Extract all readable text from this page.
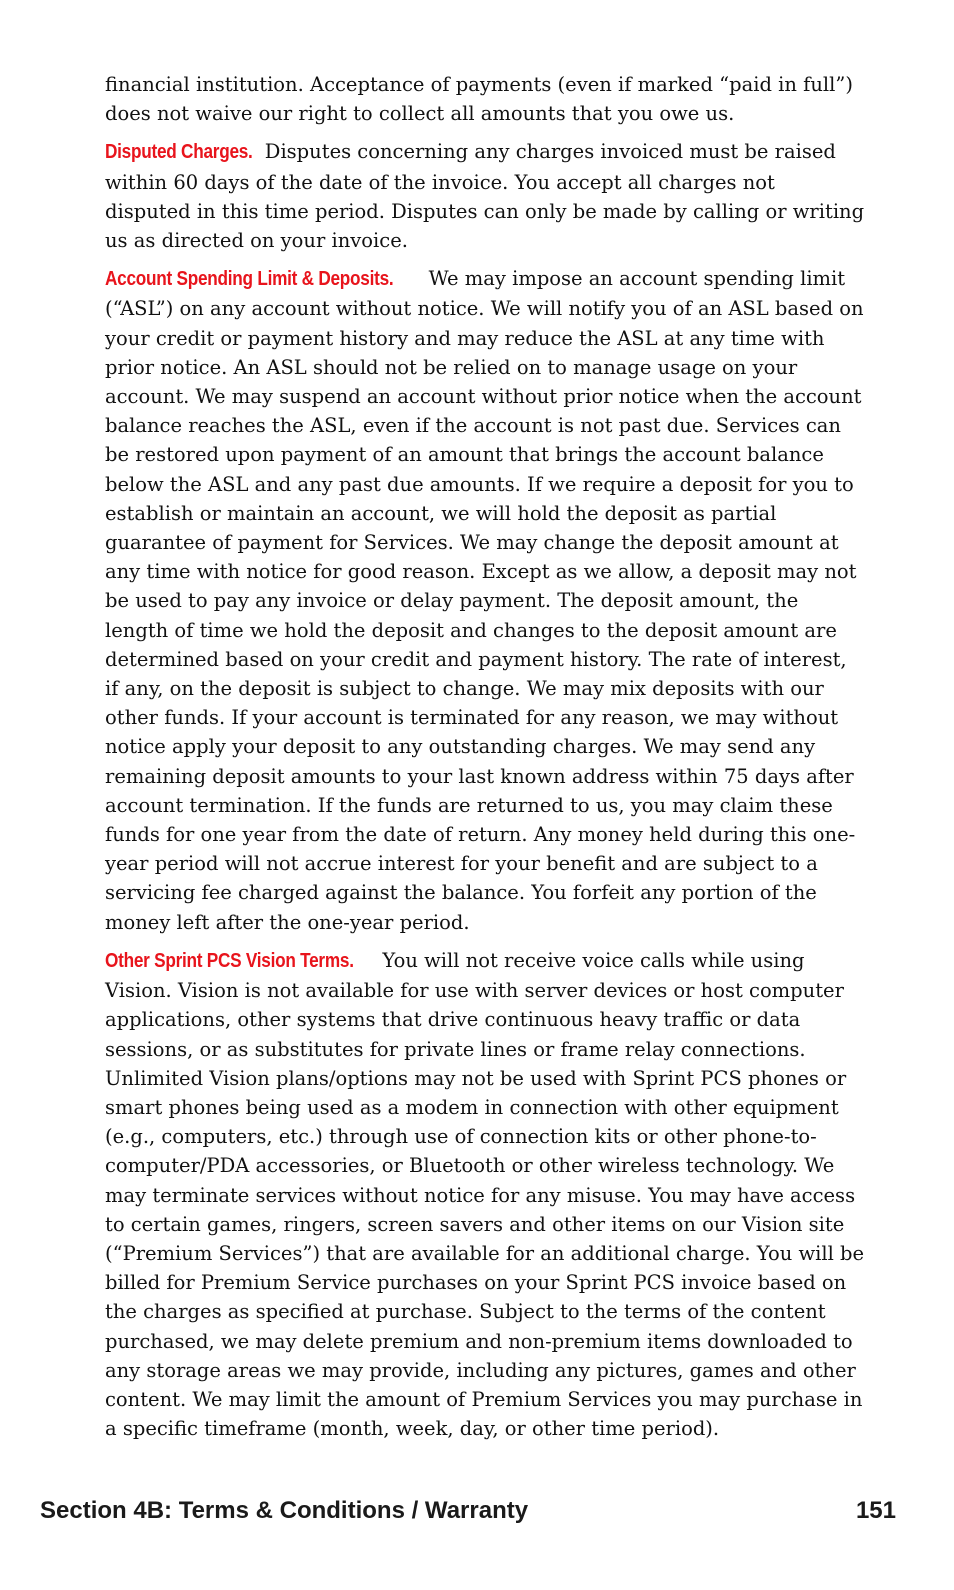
financial institution. Acceptance of payments (even if marked “paid in full”) does not waive our right to collect all amounts that you owe us.

Disputed Charges. Disputes concerning any charges invoiced must be raised within 60 days of the date of the invoice. You accept all charges not disputed in this time period. Disputes can only be made by calling or writing us as directed on your invoice.

Account Spending Limit & Deposits. We may impose an account spending limit (“ASL”) on any account without notice. We will notify you of an ASL based on your credit or payment history and may reduce the ASL at any time with prior notice. An ASL should not be relied on to manage usage on your account. We may suspend an account without prior notice when the account balance reaches the ASL, even if the account is not past due. Services can be restored upon payment of an amount that brings the account balance below the ASL and any past due amounts. If we require a deposit for you to establish or maintain an account, we will hold the deposit as partial guarantee of payment for Services. We may change the deposit amount at any time with notice for good reason. Except as we allow, a deposit may not be used to pay any invoice or delay payment. The deposit amount, the length of time we hold the deposit and changes to the deposit amount are determined based on your credit and payment history. The rate of interest, if any, on the deposit is subject to change. We may mix deposits with our other funds. If your account is terminated for any reason, we may without notice apply your deposit to any outstanding charges. We may send any remaining deposit amounts to your last known address within 75 days after account termination. If the funds are returned to us, you may claim these funds for one year from the date of return. Any money held during this one-year period will not accrue interest for your benefit and are subject to a servicing fee charged against the balance. You forfeit any portion of the money left after the one-year period.

Other Sprint PCS Vision Terms. You will not receive voice calls while using Vision. Vision is not available for use with server devices or host computer applications, other systems that drive continuous heavy traffic or data sessions, or as substitutes for private lines or frame relay connections. Unlimited Vision plans/options may not be used with Sprint PCS phones or smart phones being used as a modem in connection with other equipment (e.g., computers, etc.) through use of connection kits or other phone-to-computer/PDA accessories, or Bluetooth or other wireless technology. We may terminate services without notice for any misuse. You may have access to certain games, ringers, screen savers and other items on our Vision site (“Premium Services”) that are available for an additional charge. You will be billed for Premium Service purchases on your Sprint PCS invoice based on the charges as specified at purchase. Subject to the terms of the content purchased, we may delete premium and non-premium items downloaded to any storage areas we may provide, including any pictures, games and other content. We may limit the amount of Premium Services you may purchase in a specific timeframe (month, week, day, or other time period).

Section 4B: Terms & Conditions / Warranty	151
